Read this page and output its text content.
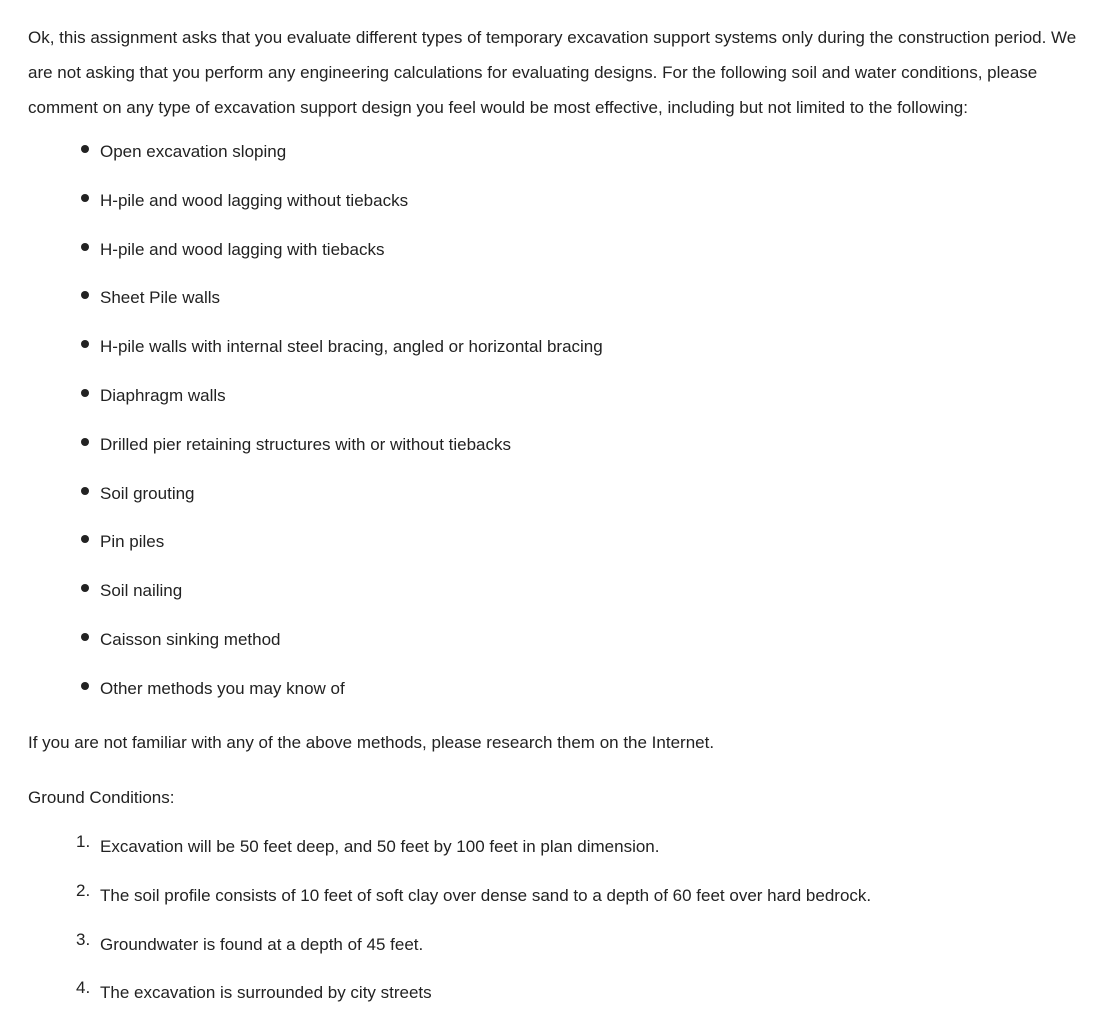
Ok, this assignment asks that you evaluate different types of temporary excavation support systems only during the construction period. We are not asking that you perform any engineering calculations for evaluating designs. For the following soil and water conditions, please comment on any type of excavation support design you feel would be most effective, including but not limited to the following:

Open excavation sloping
H-pile and wood lagging without tiebacks
H-pile and wood lagging with tiebacks
Sheet Pile walls
H-pile walls with internal steel bracing, angled or horizontal bracing
Diaphragm walls
Drilled pier retaining structures with or without tiebacks
Soil grouting
Pin piles
Soil nailing
Caisson sinking method
Other methods you may know of

If you are not familiar with any of the above methods, please research them on the Internet.

Ground Conditions:

1. Excavation will be 50 feet deep, and 50 feet by 100 feet in plan dimension.
2. The soil profile consists of 10 feet of soft clay over dense sand to a depth of 60 feet over hard bedrock.
3. Groundwater is found at a depth of 45 feet.
4. The excavation is surrounded by city streets
